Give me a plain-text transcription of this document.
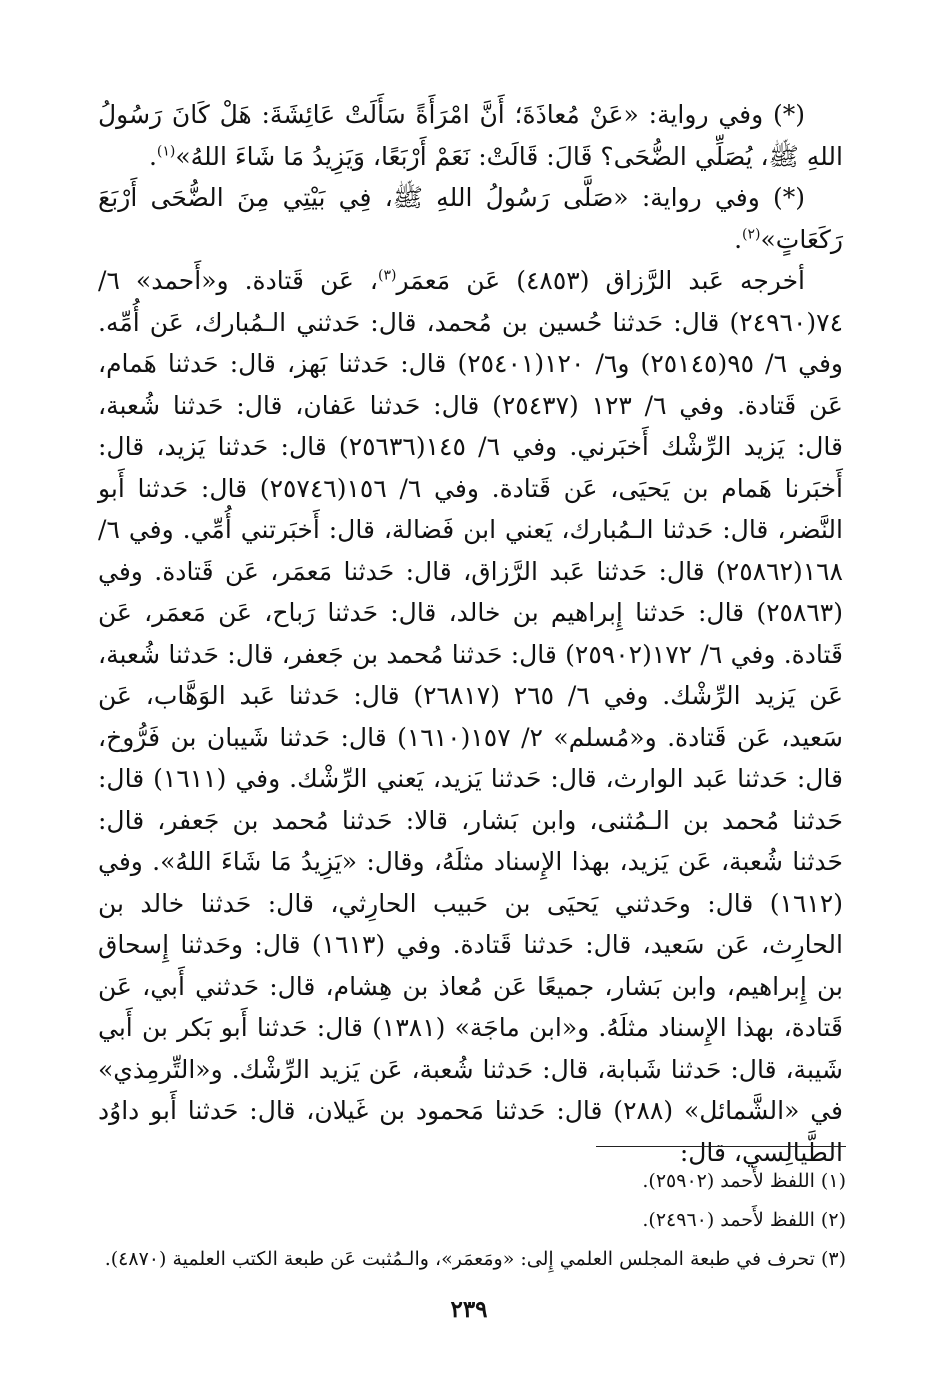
(*) وفي رواية: «عَنْ مُعاذَةَ؛ أَنَّ امْرَأَةً سَأَلَتْ عَائِشَةَ: هَلْ كَانَ رَسُولُ اللهِ ﷺ، يُصَلِّي الضُّحَى؟ قَالَ: قَالَتْ: نَعَمْ أَرْبَعًا، وَيَزِيدُ مَا شَاءَ اللهُ»$^{(١)}$.

(*) وفي رواية: «صَلَّى رَسُولُ اللهِ ﷺ، فِي بَيْتِي مِنَ الضُّحَى أَرْبَعَ رَكَعَاتٍ»$^{(٢)}$.

أخرجه عَبد الرَّزاق (٤٨٥٣) عَن مَعمَر$^{(٣)}$، عَن قَتادة. و«أَحمد» ٦/ ٧٤(٢٤٩٦٠) قال: حَدثنا حُسين بن مُحمد، قال: حَدثني الـمُبارك، عَن أُمِّه. وفي ٦/ ٩٥(٢٥١٤٥) و٦/ ١٢٠(٢٥٤٠١) قال: حَدثنا بَهز، قال: حَدثنا هَمام، عَن قَتادة. وفي ٦/ ١٢٣ (٢٥٤٣٧) قال: حَدثنا عَفان، قال: حَدثنا شُعبة، قال: يَزيد الرِّشْك أَخبَرني. وفي ٦/ ١٤٥(٢٥٦٣٦) قال: حَدثنا يَزيد، قال: أَخبَرنا هَمام بن يَحيَى، عَن قَتادة. وفي ٦/ ١٥٦(٢٥٧٤٦) قال: حَدثنا أَبو النَّضر، قال: حَدثنا الـمُبارك، يَعني ابن فَضالة، قال: أَخبَرتني أُمِّي. وفي ٦/ ١٦٨(٢٥٨٦٢) قال: حَدثنا عَبد الرَّزاق، قال: حَدثنا مَعمَر، عَن قَتادة. وفي (٢٥٨٦٣) قال: حَدثنا إِبراهيم بن خالد، قال: حَدثنا رَباح، عَن مَعمَر، عَن قَتادة. وفي ٦/ ١٧٢(٢٥٩٠٢) قال: حَدثنا مُحمد بن جَعفر، قال: حَدثنا شُعبة، عَن يَزيد الرِّشْك. وفي ٦/ ٢٦٥ (٢٦٨١٧) قال: حَدثنا عَبد الوَهَّاب، عَن سَعيد، عَن قَتادة. و«مُسلم» ٢/ ١٥٧(١٦١٠) قال: حَدثنا شَيبان بن فَرُّوخ، قال: حَدثنا عَبد الوارث، قال: حَدثنا يَزيد، يَعني الرِّشْك. وفي (١٦١١) قال: حَدثنا مُحمد بن الـمُثنى، وابن بَشار، قالا: حَدثنا مُحمد بن جَعفر، قال: حَدثنا شُعبة، عَن يَزيد، بهذا الإِسناد مثلَهُ، وقال: «يَزِيدُ مَا شَاءَ اللهُ». وفي (١٦١٢) قال: وحَدثني يَحيَى بن حَبيب الحارِثي، قال: حَدثنا خالد بن الحارِث، عَن سَعيد، قال: حَدثنا قَتادة. وفي (١٦١٣) قال: وحَدثنا إِسحاق بن إِبراهيم، وابن بَشار، جميعًا عَن مُعاذ بن هِشام، قال: حَدثني أَبي، عَن قَتادة، بهذا الإِسناد مثلَهُ. و«ابن ماجَة» (١٣٨١) قال: حَدثنا أَبو بَكر بن أَبي شَيبة، قال: حَدثنا شَبابة، قال: حَدثنا شُعبة، عَن يَزيد الرِّشْك. و«التِّرمِذي» في «الشَّمائل» (٢٨٨) قال: حَدثنا مَحمود بن غَيلان، قال: حَدثنا أَبو داوُد الطَّيالِسي، قال:

(١) اللفظ لأَحمد (٢٥٩٠٢).
(٢) اللفظ لأَحمد (٢٤٩٦٠).
(٣) تحرف في طبعة المجلس العلمي إِلى: «ومَعمَر»، والـمُثبت عَن طبعة الكتب العلمية (٤٨٧٠).
٢٣٩
